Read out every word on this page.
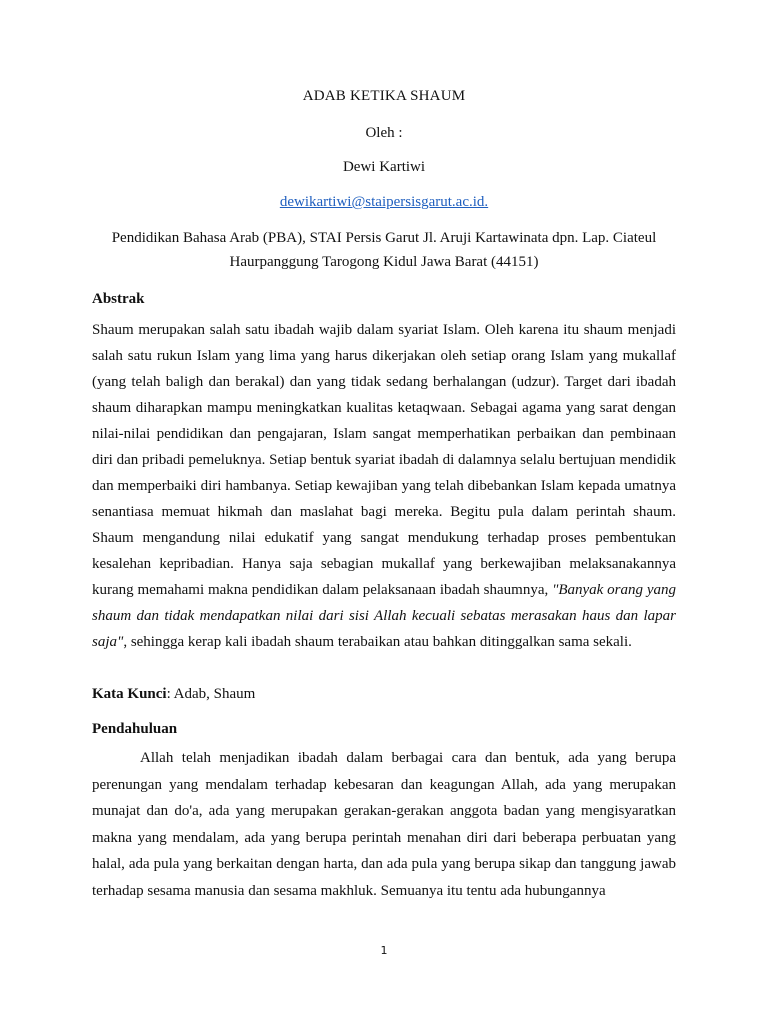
ADAB KETIKA SHAUM
Oleh :
Dewi Kartiwi
dewikartiwi@staipersisgarut.ac.id.
Pendidikan Bahasa Arab (PBA), STAI Persis Garut Jl. Aruji Kartawinata dpn. Lap. Ciateul
Haurpanggung Tarogong Kidul Jawa Barat (44151)
Abstrak

Shaum merupakan salah satu ibadah wajib dalam syariat Islam. Oleh karena itu shaum menjadi salah satu rukun Islam yang lima yang harus dikerjakan oleh setiap orang Islam yang mukallaf (yang telah baligh dan berakal) dan yang tidak sedang berhalangan (udzur). Target dari ibadah shaum diharapkan mampu meningkatkan kualitas ketaqwaan. Sebagai agama yang sarat dengan nilai-nilai pendidikan dan pengajaran, Islam sangat memperhatikan perbaikan dan pembinaan diri dan pribadi pemeluknya. Setiap bentuk syariat ibadah di dalamnya selalu bertujuan mendidik dan memperbaiki diri hambanya. Setiap kewajiban yang telah dibebankan Islam kepada umatnya senantiasa memuat hikmah dan maslahat bagi mereka. Begitu pula dalam perintah shaum. Shaum mengandung nilai edukatif yang sangat mendukung terhadap proses pembentukan kesalehan kepribadian. Hanya saja sebagian mukallaf yang berkewajiban melaksanakannya kurang memahami makna pendidikan dalam pelaksanaan ibadah shaumnya, "Banyak orang yang shaum dan tidak mendapatkan nilai dari sisi Allah kecuali sebatas merasakan haus dan lapar saja", sehingga kerap kali ibadah shaum terabaikan atau bahkan ditinggalkan sama sekali.

Kata Kunci: Adab, Shaum
Pendahuluan

Allah telah menjadikan ibadah dalam berbagai cara dan bentuk, ada yang berupa perenungan yang mendalam terhadap kebesaran dan keagungan Allah, ada yang merupakan munajat dan do'a, ada yang merupakan gerakan-gerakan anggota badan yang mengisyaratkan makna yang mendalam, ada yang berupa perintah menahan diri dari beberapa perbuatan yang halal, ada pula yang berkaitan dengan harta, dan ada pula yang berupa sikap dan tanggung jawab terhadap sesama manusia dan sesama makhluk. Semuanya itu tentu ada hubungannya

1
